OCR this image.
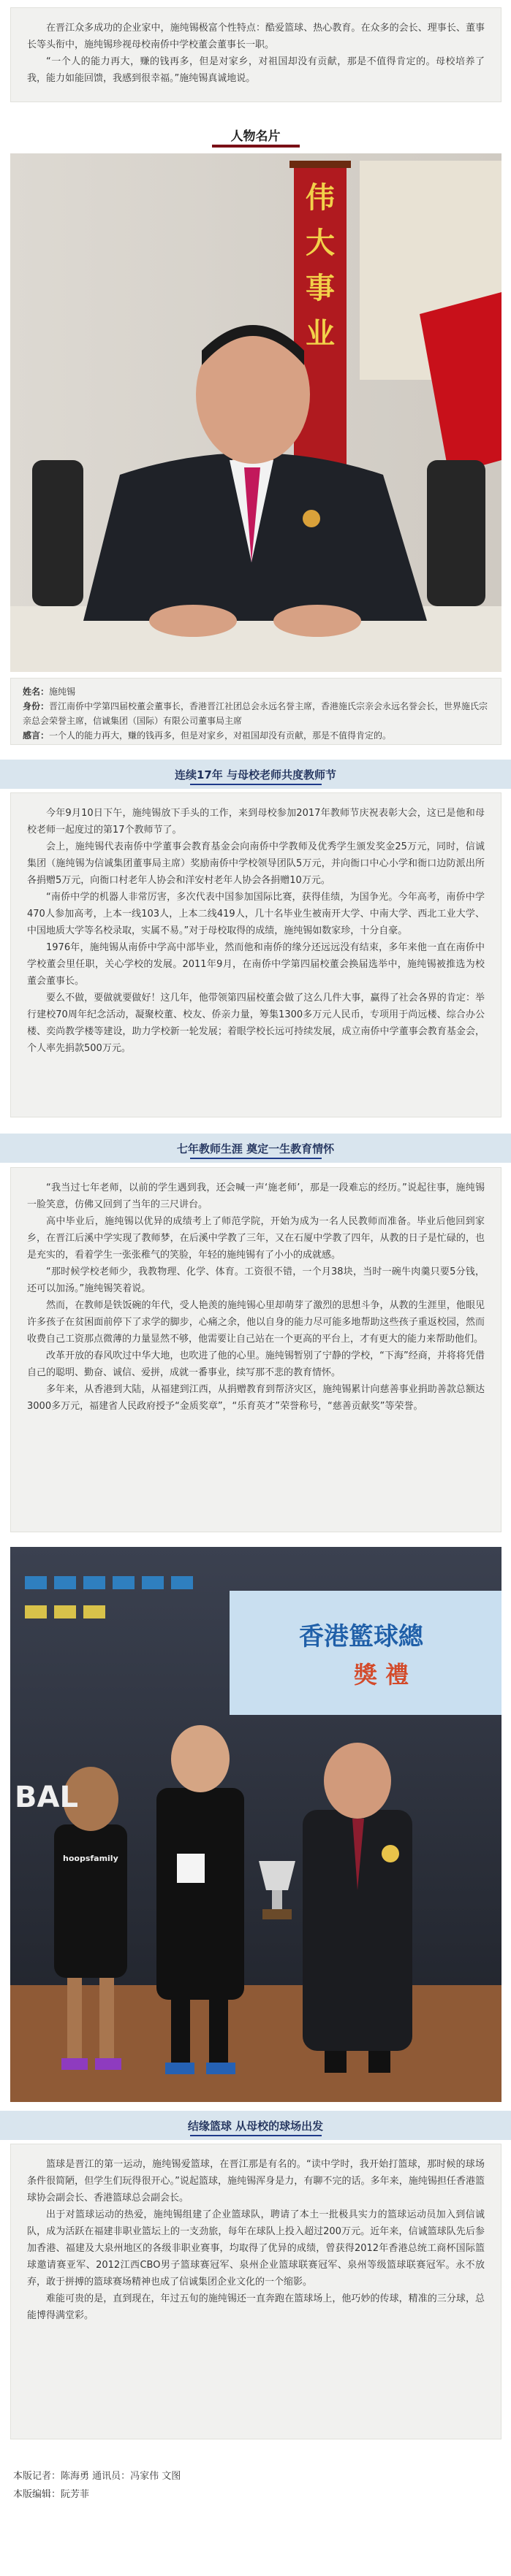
在晋江众多成功的企业家中，施纯锡极富个性特点：酷爱篮球、热心教育。在众多的会长、理事长、董事长等头衔中，施纯锡珍视母校南侨中学校董会董事长一职。

“一个人的能力再大，赚的钱再多，但是对家乡，对祖国却没有贡献，那是不值得肯定的。母校培养了我，能力如能回馈，我感到很幸福。”施纯锡真诚地说。

人物名片
伟
大
事
业

姓名：施纯锡

身份：晋江南侨中学第四届校董会董事长，香港晋江社团总会永远名誉主席，香港施氏宗亲会永远名誉会长，世界施氏宗亲总会荣誉主席，信诚集团（国际）有限公司董事局主席

感言：一个人的能力再大，赚的钱再多，但是对家乡，对祖国却没有贡献，那是不值得肯定的。

连续17年 与母校老师共度教师节

今年9月10日下午，施纯锡放下手头的工作，来到母校参加2017年教师节庆祝表彰大会，这已是他和母校老师一起度过的第17个教师节了。

会上，施纯锡代表南侨中学董事会教育基金会向南侨中学教师及优秀学生颁发奖金25万元，同时，信诚集团（施纯锡为信诚集团董事局主席）奖励南侨中学校领导团队5万元，并向衙口中心小学和衙口边防派出所各捐赠5万元，向衙口村老年人协会和洋安村老年人协会各捐赠10万元。

“南侨中学的机器人非常厉害，多次代表中国参加国际比赛，获得佳绩，为国争光。今年高考，南侨中学470人参加高考，上本一线103人，上本二线419人，几十名毕业生被南开大学、中南大学、西北工业大学、中国地质大学等名校录取，实属不易。”对于母校取得的成绩，施纯锡如数家珍，十分自豪。

1976年，施纯锡从南侨中学高中部毕业，然而他和南侨的缘分还远远没有结束，多年来他一直在南侨中学校董会里任职，关心学校的发展。2011年9月，在南侨中学第四届校董会换届选举中，施纯锡被推选为校董会董事长。

要么不做，要做就要做好！这几年，他带领第四届校董会做了这么几件大事，赢得了社会各界的肯定：举行建校70周年纪念活动，凝聚校董、校友、侨亲力量，筹集1300多万元人民币，专项用于尚远楼、综合办公楼、奕尚教学楼等建设，助力学校新一轮发展；着眼学校长远可持续发展，成立南侨中学董事会教育基金会，个人率先捐款500万元。

七年教师生涯 奠定一生教育情怀

“我当过七年老师，以前的学生遇到我，还会喊一声‘施老师’，那是一段难忘的经历。”说起往事，施纯锡一脸笑意，仿佛又回到了当年的三尺讲台。

高中毕业后，施纯锡以优异的成绩考上了师范学院，开始为成为一名人民教师而准备。毕业后他回到家乡，在晋江后溪中学实现了教师梦，在后溪中学教了三年，又在石厦中学教了四年，从教的日子是忙碌的，也是充实的，看着学生一张张稚气的笑脸，年轻的施纯锡有了小小的成就感。

“那时候学校老师少，我教物理、化学、体育。工资很不错，一个月38块，当时一碗牛肉羹只要5分钱，还可以加汤。”施纯锡笑着说。

然而，在教师是铁饭碗的年代，受人艳羡的施纯锡心里却萌芽了激烈的思想斗争，从教的生涯里，他眼见许多孩子在贫困面前停下了求学的脚步，心痛之余，他以自身的能力尽可能多地帮助这些孩子重返校园，然而收费自己工资那点微薄的力量显然不够，他需要让自己站在一个更高的平台上，才有更大的能力来帮助他们。

改革开放的春风吹过中华大地，也吹进了他的心里。施纯锡暂别了宁静的学校，“下海”经商，并将将凭借自己的聪明、勤奋、诚信、爱拼，成就一番事业，续写那不悲的教育情怀。

多年来，从香港到大陆，从福建到江西，从捐赠教育到帮济灾区，施纯锡累计向慈善事业捐助善款总额达3000多万元，福建省人民政府授予“金质奖章”，“乐育英才”荣誉称号，“慈善贡献奖”等荣誉。

香港籃球總
獎 禮
BAL
hoopsfamily
结缘篮球 从母校的球场出发

篮球是晋江的第一运动，施纯锡爱篮球，在晋江那是有名的。“读中学时，我开始打篮球，那时候的球场条件很简陋，但学生们玩得很开心。”说起篮球，施纯锡浑身是力，有聊不完的话。多年来，施纯锡担任香港篮球协会副会长、香港篮球总会副会长。

出于对篮球运动的热爱，施纯锡组建了企业篮球队，聘请了本土一批极具实力的篮球运动员加入到信诚队，成为活跃在福建非职业篮坛上的一支劲旅，每年在球队上投入超过200万元。近年来，信诚篮球队先后参加香港、福建及大泉州地区的各级非职业赛事，均取得了优异的成绩，曾获得2012年香港总统工商杯国际篮球邀请赛亚军、2012江西CBO男子篮球赛冠军、泉州企业篮球联赛冠军、泉州等级篮球联赛冠军。永不放弃，敢于拼搏的篮球赛场精神也成了信诚集团企业文化的一个缩影。

难能可贵的是，直到现在，年过五旬的施纯锡还一直奔跑在篮球场上，他巧妙的传球，精准的三分球，总能博得满堂彩。

本版记者：陈海勇 通讯员：冯家伟 文图
本版编辑：阮芳菲
